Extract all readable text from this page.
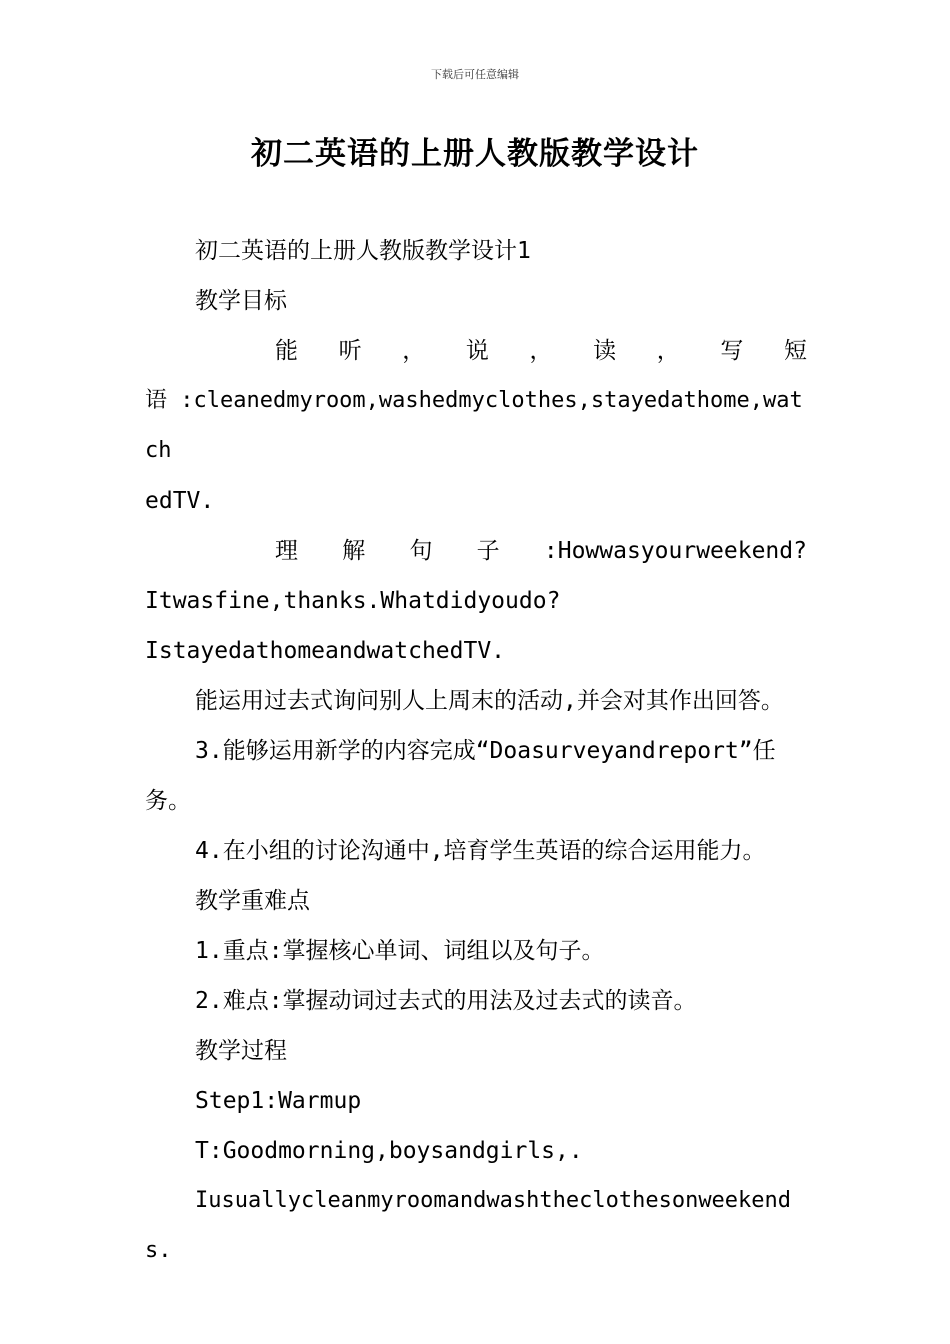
下载后可任意编辑
初二英语的上册人教版教学设计

初二英语的上册人教版教学设计1

教学目标

能 听 ， 说 ， 读 ， 写 短

语 :cleanedmyroom,washedmyclothes,stayedathome,watch

edTV.

理 解 句 子 :Howwasyourweekend?

Itwasfine,thanks.Whatdidyoudo?

IstayedathomeandwatchedTV.

能运用过去式询问别人上周末的活动,并会对其作出回答。

3.能够运用新学的内容完成“Doasurveyandreport”任务。

4.在小组的讨论沟通中,培育学生英语的综合运用能力。

教学重难点

1.重点:掌握核心单词、词组以及句子。

2.难点:掌握动词过去式的用法及过去式的读音。

教学过程

Step1:Warmup

T:Goodmorning,boysandgirls,.

Iusuallycleanmyroomandwashtheclothesonweekends.
